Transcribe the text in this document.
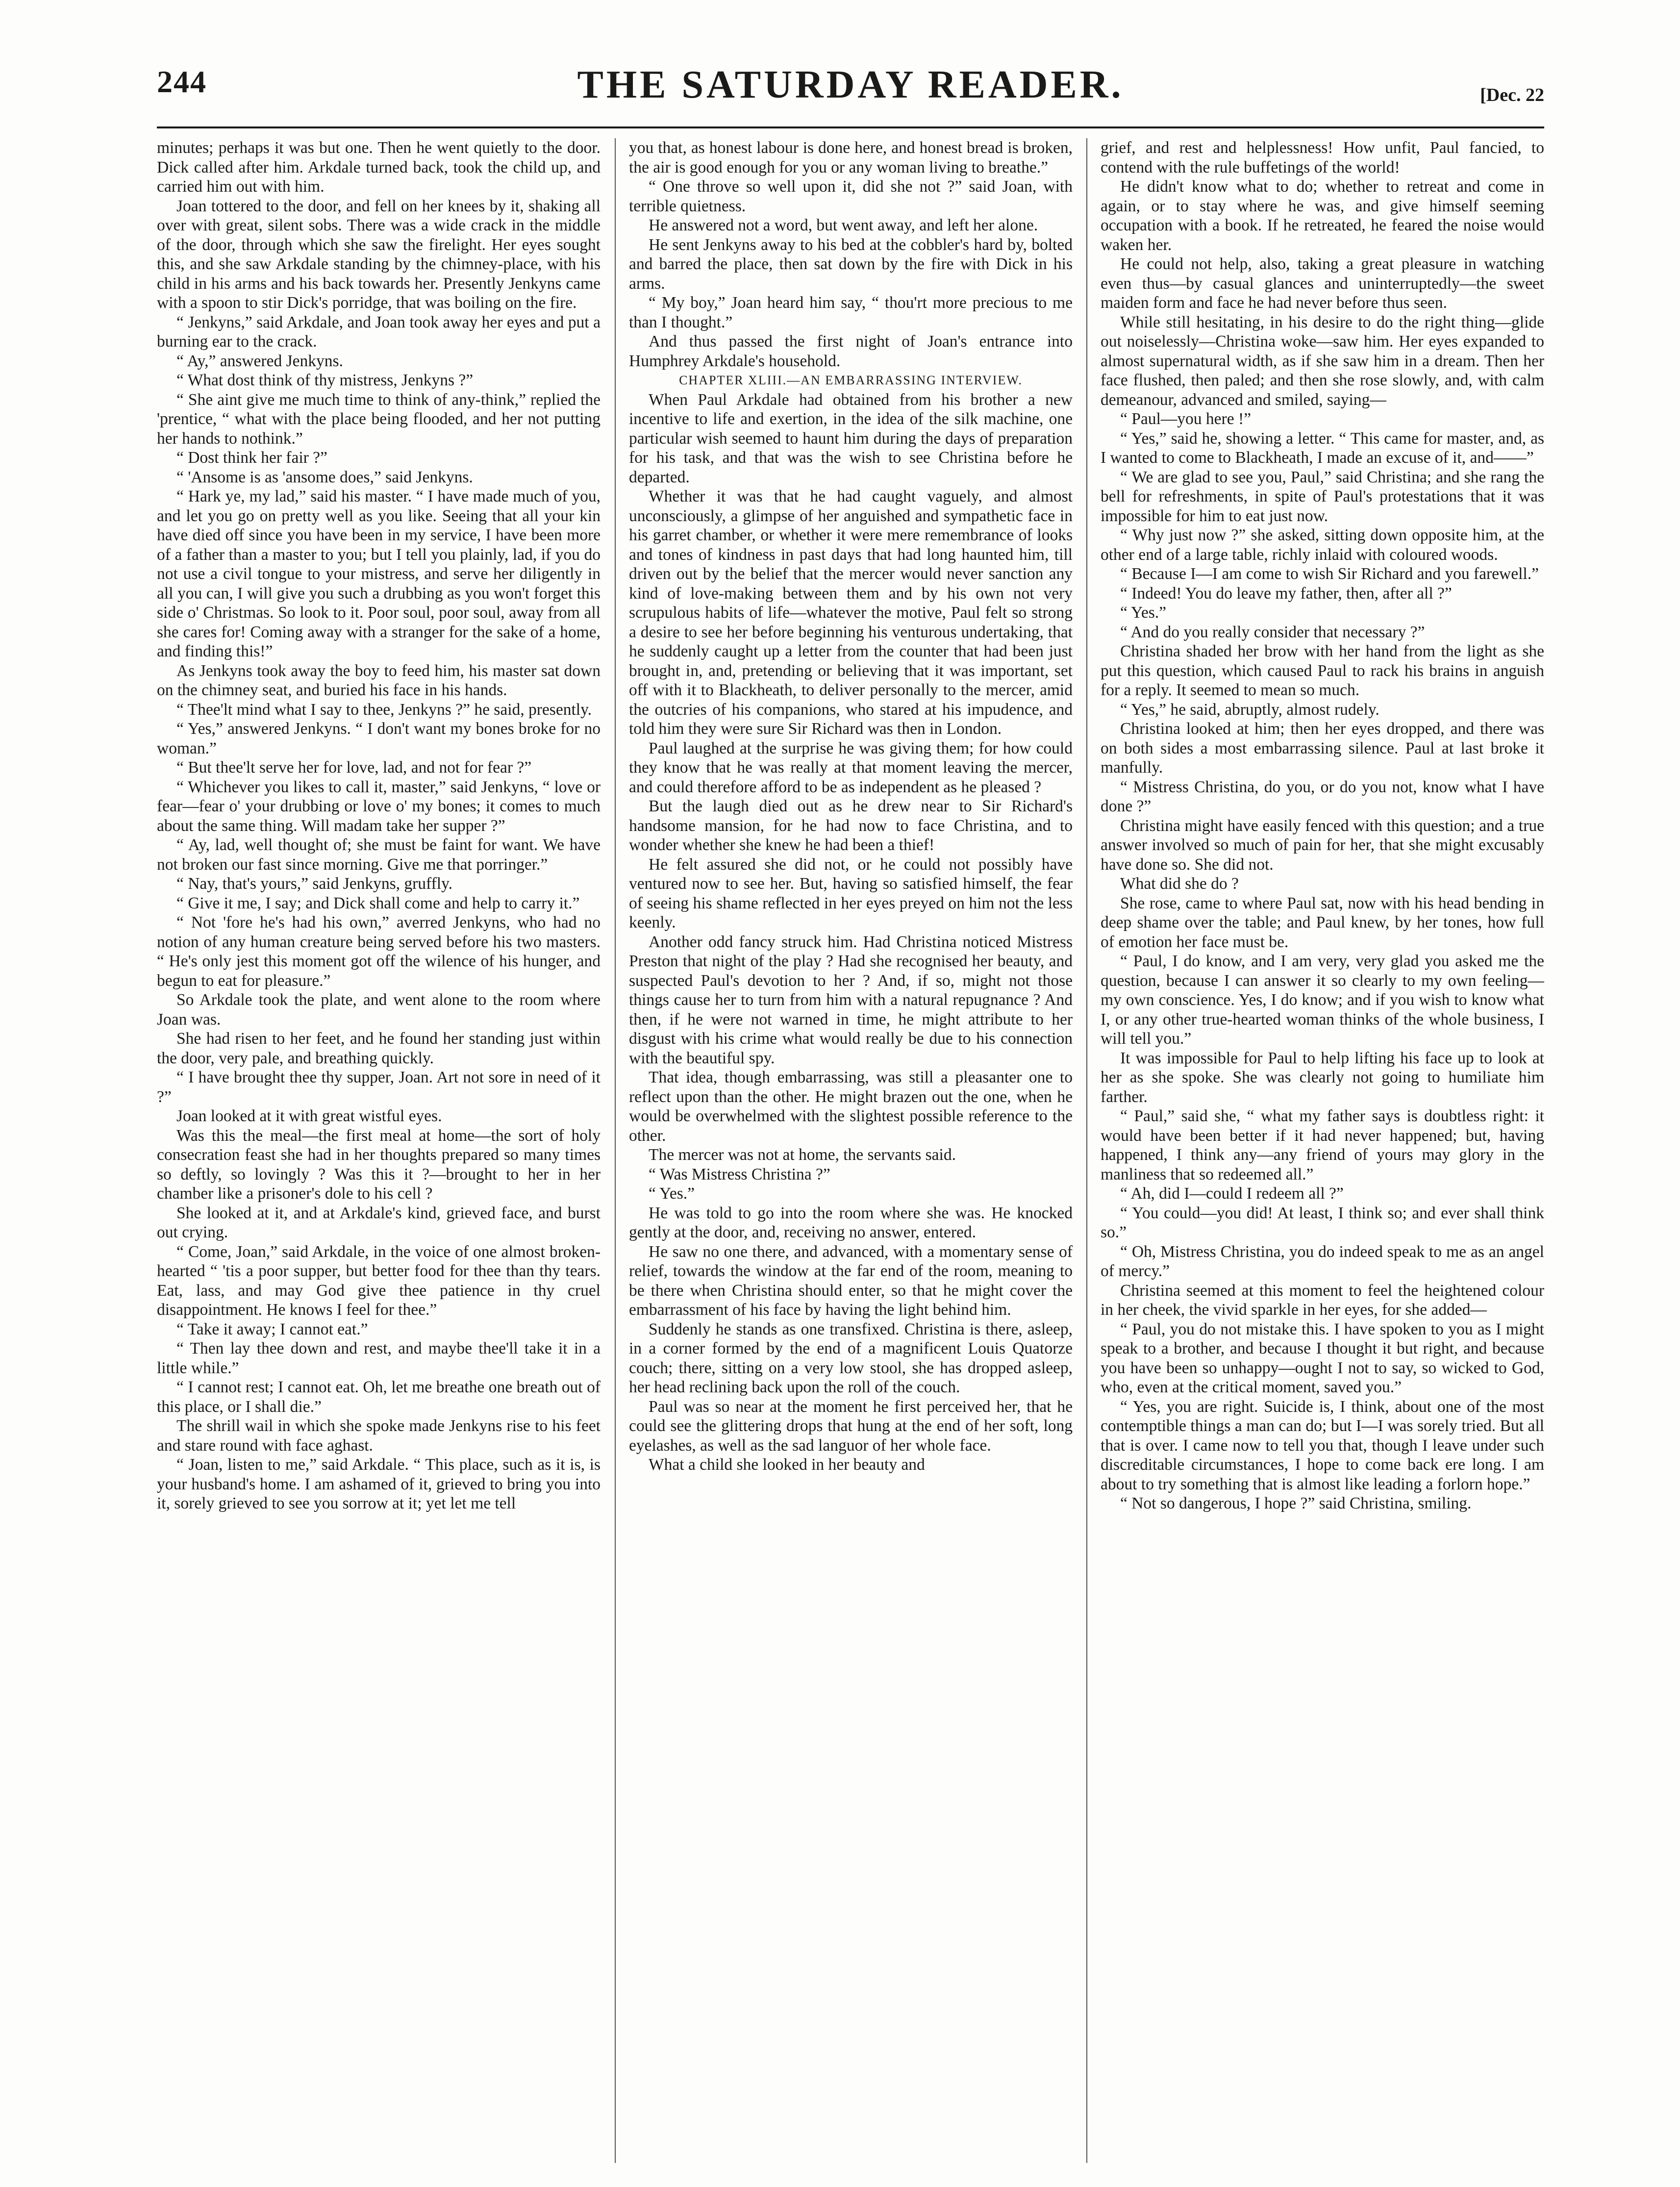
244	THE SATURDAY READER.	[Dec. 22

minutes; perhaps it was but one. Then he went quietly to the door. Dick called after him. Arkdale turned back, took the child up, and carried him out with him.

Joan tottered to the door, and fell on her knees by it, shaking all over with great, silent sobs. There was a wide crack in the middle of the door, through which she saw the firelight. Her eyes sought this, and she saw Arkdale standing by the chimney-place, with his child in his arms and his back towards her. Presently Jenkyns came with a spoon to stir Dick's porridge, that was boiling on the fire.

“ Jenkyns,” said Arkdale, and Joan took away her eyes and put a burning ear to the crack.

“ Ay,” answered Jenkyns.

“ What dost think of thy mistress, Jenkyns ?”

“ She aint give me much time to think of any-think,” replied the 'prentice, “ what with the place being flooded, and her not putting her hands to nothink.”

“ Dost think her fair ?”

“ 'Ansome is as 'ansome does,” said Jenkyns.

“ Hark ye, my lad,” said his master. “ I have made much of you, and let you go on pretty well as you like. Seeing that all your kin have died off since you have been in my service, I have been more of a father than a master to you; but I tell you plainly, lad, if you do not use a civil tongue to your mistress, and serve her diligently in all you can, I will give you such a drubbing as you won't forget this side o' Christmas. So look to it. Poor soul, poor soul, away from all she cares for! Coming away with a stranger for the sake of a home, and finding this!”

As Jenkyns took away the boy to feed him, his master sat down on the chimney seat, and buried his face in his hands.

“ Thee'lt mind what I say to thee, Jenkyns ?” he said, presently.

“ Yes,” answered Jenkyns. “ I don't want my bones broke for no woman.”

“ But thee'lt serve her for love, lad, and not for fear ?”

“ Whichever you likes to call it, master,” said Jenkyns, “ love or fear—fear o' your drubbing or love o' my bones; it comes to much about the same thing. Will madam take her supper ?”

“ Ay, lad, well thought of; she must be faint for want. We have not broken our fast since morning. Give me that porringer.”

“ Nay, that's yours,” said Jenkyns, gruffly.

“ Give it me, I say; and Dick shall come and help to carry it.”

“ Not 'fore he's had his own,” averred Jenkyns, who had no notion of any human creature being served before his two masters. “ He's only jest this moment got off the wilence of his hunger, and begun to eat for pleasure.”

So Arkdale took the plate, and went alone to the room where Joan was.

She had risen to her feet, and he found her standing just within the door, very pale, and breathing quickly.

“ I have brought thee thy supper, Joan. Art not sore in need of it ?”

Joan looked at it with great wistful eyes.

Was this the meal—the first meal at home—the sort of holy consecration feast she had in her thoughts prepared so many times so deftly, so lovingly ? Was this it ?—brought to her in her chamber like a prisoner's dole to his cell ?

She looked at it, and at Arkdale's kind, grieved face, and burst out crying.

“ Come, Joan,” said Arkdale, in the voice of one almost broken-hearted “ 'tis a poor supper, but better food for thee than thy tears. Eat, lass, and may God give thee patience in thy cruel disappointment. He knows I feel for thee.”

“ Take it away; I cannot eat.”

“ Then lay thee down and rest, and maybe thee'll take it in a little while.”

“ I cannot rest; I cannot eat. Oh, let me breathe one breath out of this place, or I shall die.”

The shrill wail in which she spoke made Jenkyns rise to his feet and stare round with face aghast.

“ Joan, listen to me,” said Arkdale. “ This place, such as it is, is your husband's home. I am ashamed of it, grieved to bring you into it, sorely grieved to see you sorrow at it; yet let me tell

you that, as honest labour is done here, and honest bread is broken, the air is good enough for you or any woman living to breathe.”

“ One throve so well upon it, did she not ?” said Joan, with terrible quietness.

He answered not a word, but went away, and left her alone.

He sent Jenkyns away to his bed at the cobbler's hard by, bolted and barred the place, then sat down by the fire with Dick in his arms.

“ My boy,” Joan heard him say, “ thou'rt more precious to me than I thought.”

And thus passed the first night of Joan's entrance into Humphrey Arkdale's household.

CHAPTER XLIII.—AN EMBARRASSING INTERVIEW.

When Paul Arkdale had obtained from his brother a new incentive to life and exertion, in the idea of the silk machine, one particular wish seemed to haunt him during the days of preparation for his task, and that was the wish to see Christina before he departed.

Whether it was that he had caught vaguely, and almost unconsciously, a glimpse of her anguished and sympathetic face in his garret chamber, or whether it were mere remembrance of looks and tones of kindness in past days that had long haunted him, till driven out by the belief that the mercer would never sanction any kind of love-making between them and by his own not very scrupulous habits of life—whatever the motive, Paul felt so strong a desire to see her before beginning his venturous undertaking, that he suddenly caught up a letter from the counter that had been just brought in, and, pretending or believing that it was important, set off with it to Blackheath, to deliver personally to the mercer, amid the outcries of his companions, who stared at his impudence, and told him they were sure Sir Richard was then in London.

Paul laughed at the surprise he was giving them; for how could they know that he was really at that moment leaving the mercer, and could therefore afford to be as independent as he pleased ?

But the laugh died out as he drew near to Sir Richard's handsome mansion, for he had now to face Christina, and to wonder whether she knew he had been a thief!

He felt assured she did not, or he could not possibly have ventured now to see her. But, having so satisfied himself, the fear of seeing his shame reflected in her eyes preyed on him not the less keenly.

Another odd fancy struck him. Had Christina noticed Mistress Preston that night of the play ? Had she recognised her beauty, and suspected Paul's devotion to her ? And, if so, might not those things cause her to turn from him with a natural repugnance ? And then, if he were not warned in time, he might attribute to her disgust with his crime what would really be due to his connection with the beautiful spy.

That idea, though embarrassing, was still a pleasanter one to reflect upon than the other. He might brazen out the one, when he would be overwhelmed with the slightest possible reference to the other.

The mercer was not at home, the servants said.

“ Was Mistress Christina ?”

“ Yes.”

He was told to go into the room where she was. He knocked gently at the door, and, receiving no answer, entered.

He saw no one there, and advanced, with a momentary sense of relief, towards the window at the far end of the room, meaning to be there when Christina should enter, so that he might cover the embarrassment of his face by having the light behind him.

Suddenly he stands as one transfixed. Christina is there, asleep, in a corner formed by the end of a magnificent Louis Quatorze couch; there, sitting on a very low stool, she has dropped asleep, her head reclining back upon the roll of the couch.

Paul was so near at the moment he first perceived her, that he could see the glittering drops that hung at the end of her soft, long eyelashes, as well as the sad languor of her whole face.

What a child she looked in her beauty and

grief, and rest and helplessness! How unfit, Paul fancied, to contend with the rule buffetings of the world!

He didn't know what to do; whether to retreat and come in again, or to stay where he was, and give himself seeming occupation with a book. If he retreated, he feared the noise would waken her.

He could not help, also, taking a great pleasure in watching even thus—by casual glances and uninterruptedly—the sweet maiden form and face he had never before thus seen.

While still hesitating, in his desire to do the right thing—glide out noiselessly—Christina woke—saw him. Her eyes expanded to almost supernatural width, as if she saw him in a dream. Then her face flushed, then paled; and then she rose slowly, and, with calm demeanour, advanced and smiled, saying—

“ Paul—you here !”

“ Yes,” said he, showing a letter. “ This came for master, and, as I wanted to come to Blackheath, I made an excuse of it, and——”

“ We are glad to see you, Paul,” said Christina; and she rang the bell for refreshments, in spite of Paul's protestations that it was impossible for him to eat just now.

“ Why just now ?” she asked, sitting down opposite him, at the other end of a large table, richly inlaid with coloured woods.

“ Because I—I am come to wish Sir Richard and you farewell.”

“ Indeed! You do leave my father, then, after all ?”

“ Yes.”

“ And do you really consider that necessary ?”

Christina shaded her brow with her hand from the light as she put this question, which caused Paul to rack his brains in anguish for a reply. It seemed to mean so much.

“ Yes,” he said, abruptly, almost rudely.

Christina looked at him; then her eyes dropped, and there was on both sides a most embarrassing silence. Paul at last broke it manfully.

“ Mistress Christina, do you, or do you not, know what I have done ?”

Christina might have easily fenced with this question; and a true answer involved so much of pain for her, that she might excusably have done so. She did not.

What did she do ?

She rose, came to where Paul sat, now with his head bending in deep shame over the table; and Paul knew, by her tones, how full of emotion her face must be.

“ Paul, I do know, and I am very, very glad you asked me the question, because I can answer it so clearly to my own feeling—my own conscience. Yes, I do know; and if you wish to know what I, or any other true-hearted woman thinks of the whole business, I will tell you.”

It was impossible for Paul to help lifting his face up to look at her as she spoke. She was clearly not going to humiliate him farther.

“ Paul,” said she, “ what my father says is doubtless right: it would have been better if it had never happened; but, having happened, I think any—any friend of yours may glory in the manliness that so redeemed all.”

“ Ah, did I—could I redeem all ?”

“ You could—you did! At least, I think so; and ever shall think so.”

“ Oh, Mistress Christina, you do indeed speak to me as an angel of mercy.”

Christina seemed at this moment to feel the heightened colour in her cheek, the vivid sparkle in her eyes, for she added—

“ Paul, you do not mistake this. I have spoken to you as I might speak to a brother, and because I thought it but right, and because you have been so unhappy—ought I not to say, so wicked to God, who, even at the critical moment, saved you.”

“ Yes, you are right. Suicide is, I think, about one of the most contemptible things a man can do; but I—I was sorely tried. But all that is over. I came now to tell you that, though I leave under such discreditable circumstances, I hope to come back ere long. I am about to try something that is almost like leading a forlorn hope.”

“ Not so dangerous, I hope ?” said Christina, smiling.
